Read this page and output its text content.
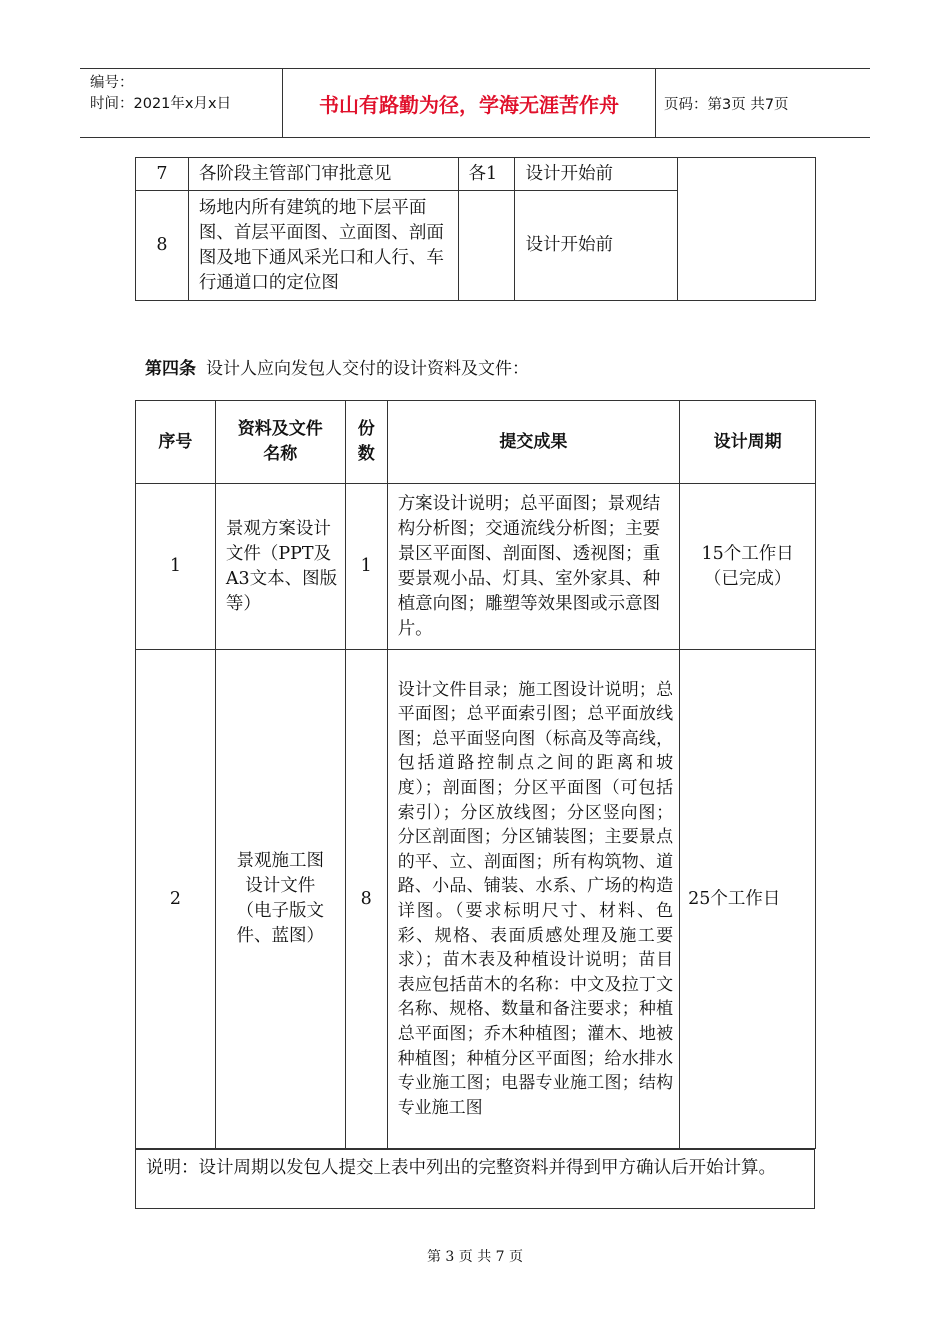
编号：
时间：2021年x月x日	书山有路勤为径，学海无涯苦作舟	页码：第3页 共7页
7	各阶段主管部门审批意见	各1	设计开始前	
8	场地内所有建筑的地下层平面图、首层平面图、立面图、剖面图及地下通风采光口和人行、车行通道口的定位图		设计开始前	
第四条 设计人应向发包人交付的设计资料及文件：
序号	资料及文件名称	份数	提交成果	设计周期
1	景观方案设计文件（PPT及A3文本、图版等）	1	方案设计说明；总平面图；景观结构分析图；交通流线分析图；主要景区平面图、剖面图、透视图；重要景观小品、灯具、室外家具、种植意向图；雕塑等效果图或示意图片。	15个工作日（已完成）
2	景观施工图设计文件（电子版文件、蓝图）	8	设计文件目录；施工图设计说明；总平面图；总平面索引图；总平面放线图；总平面竖向图（标高及等高线，包括道路控制点之间的距离和坡度）；剖面图；分区平面图（可包括索引）；分区放线图；分区竖向图；分区剖面图；分区铺装图；主要景点的平、立、剖面图；所有构筑物、道路、小品、铺装、水系、广场的构造详图。（要求标明尺寸、材料、色彩、规格、表面质感处理及施工要求）；苗木表及种植设计说明；苗目表应包括苗木的名称：中文及拉丁文名称、规格、数量和备注要求；种植总平面图；乔木种植图；灌木、地被种植图；种植分区平面图；给水排水专业施工图；电器专业施工图；结构专业施工图	25个工作日
说明：设计周期以发包人提交上表中列出的完整资料并得到甲方确认后开始计算。
第 3 页 共 7 页
